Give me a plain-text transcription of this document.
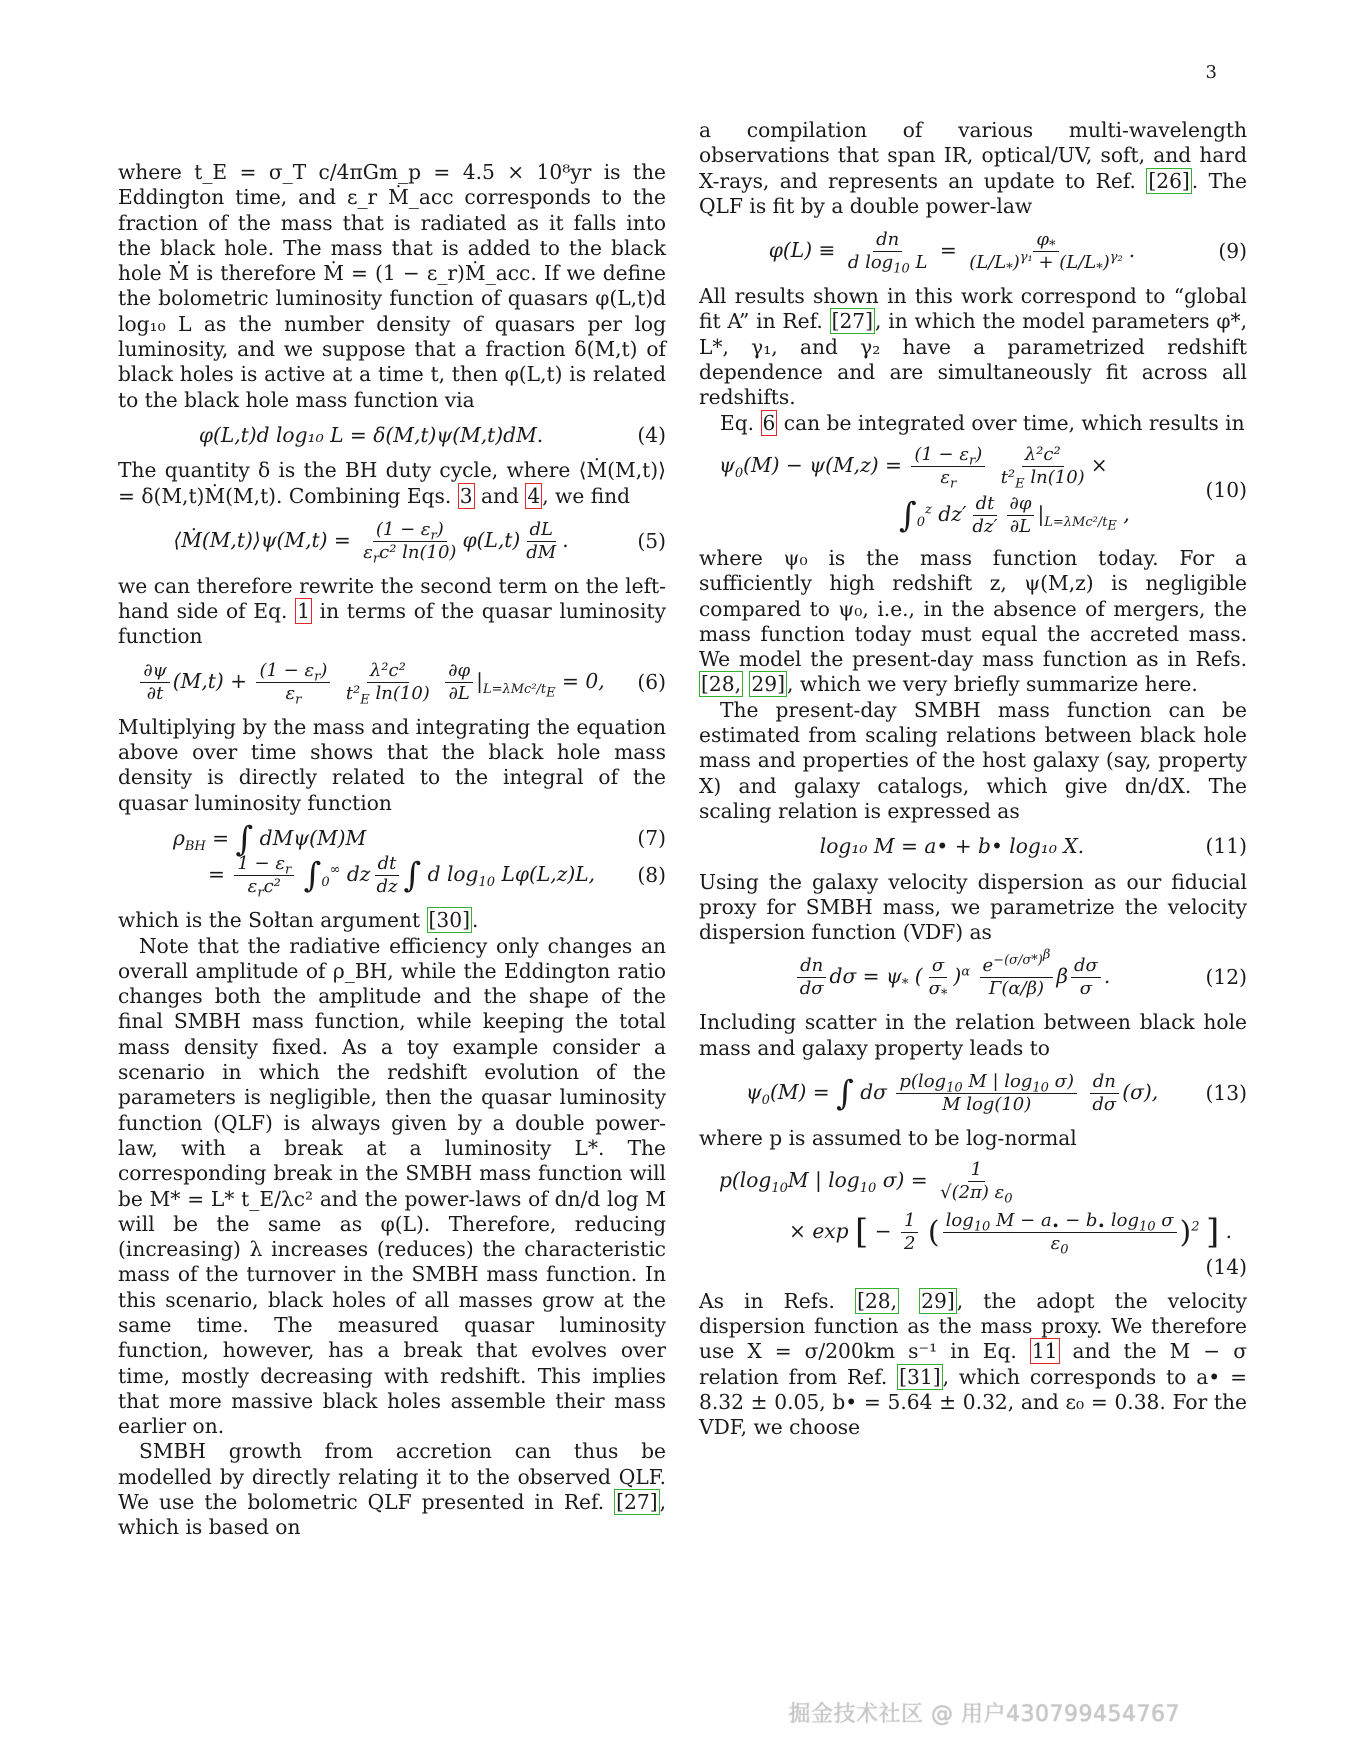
3

where t_E = σ_T c/4πGm_p = 4.5 × 10⁸yr is the Eddington time, and ε_r Ṁ_acc corresponds to the fraction of the mass that is radiated as it falls into the black hole. The mass that is added to the black hole Ṁ is therefore Ṁ = (1 − ε_r)Ṁ_acc. If we define the bolometric luminosity function of quasars φ(L,t)d log₁₀ L as the number density of quasars per log luminosity, and we suppose that a fraction δ(M,t) of black holes is active at a time t, then φ(L,t) is related to the black hole mass function via

φ(L,t)d log₁₀ L = δ(M,t)ψ(M,t)dM.	(4)

The quantity δ is the BH duty cycle, where ⟨Ṁ(M,t)⟩ = δ(M,t)Ṁ(M,t). Combining Eqs. 3 and 4, we find

⟨Ṁ(M,t)⟩ψ(M,t) = $\frac{(1 - \varepsilon_r)}{\varepsilon_rc^2 \ln(10)} \varphi(L,t) \frac{dL}{dM}$ .	(5)

we can therefore rewrite the second term on the left-hand side of Eq. 1 in terms of the quasar luminosity function

$\frac{\partial\psi}{\partial t} (M,t) + \frac{(1 - \varepsilon_r)}{\varepsilon_r}$
$\frac{\text{λ²c²}}{t^2_E \ln(10)}$
$\frac{\partial\varphi}{\partial L} |_{L=\lambda Mc^2/t_E} = 0$,	(6)

Multiplying by the mass and integrating the equation above over time shows that the black hole mass density is directly related to the integral of the quasar luminosity function

$\rho_{BH}$ = ∫ dMψ(M)M	(7)
= $\frac{1 - \varepsilon_r}{\varepsilon_rc^2} \int_0^\infty$ dz $\frac{dt}{dz}$ ∫ d $\log_{10} L\varphi(L,z)L$,	(8)

which is the Sołtan argument [30].

Note that the radiative efficiency only changes an overall amplitude of ρ_BH, while the Eddington ratio changes both the amplitude and the shape of the final SMBH mass function, while keeping the total mass density fixed. As a toy example consider a scenario in which the redshift evolution of the parameters is negligible, then the quasar luminosity function (QLF) is always given by a double power-law, with a break at a luminosity L*. The corresponding break in the SMBH mass function will be M* = L* t_E/λc² and the power-laws of dn/d log M will be the same as φ(L). Therefore, reducing (increasing) λ increases (reduces) the characteristic mass of the turnover in the SMBH mass function. In this scenario, black holes of all masses grow at the same time. The measured quasar luminosity function, however, has a break that evolves over time, mostly decreasing with redshift. This implies that more massive black holes assemble their mass earlier on.

SMBH growth from accretion can thus be modelled by directly relating it to the observed QLF. We use the bolometric QLF presented in Ref. [27], which is based on

a compilation of various multi-wavelength observations that span IR, optical/UV, soft, and hard X-rays, and represents an update to Ref. [26]. The QLF is fit by a double power-law

$\varphi(L) \equiv \frac{dn}{d \log_{10} L} = \frac{\varphi_*}{(L/L_*)^{\gamma_1} + (L/L_*)^{\gamma_2}}$ .	(9)

All results shown in this work correspond to “global fit A” in Ref. [27], in which the model parameters φ*, L*, γ₁, and γ₂ have a parametrized redshift dependence and are simultaneously fit across all redshifts.

Eq. 6 can be integrated over time, which results in

$\psi_0(M) - \psi(M,z) = \frac{(1 - \varepsilon_r)}{\varepsilon_r}$
$\frac{\text{λ²c²}}{t^2_E \ln(10)}$ ×
$\int_0^z$ $dz' \frac{dt}{dz'} \frac{\partial\varphi}{\partial L} |_{L=\lambda Mc^2/t_E}$ ,
(10)

where ψ₀ is the mass function today. For a sufficiently high redshift z, ψ(M,z) is negligible compared to ψ₀, i.e., in the absence of mergers, the mass function today must equal the accreted mass. We model the present-day mass function as in Refs. [28, 29], which we very briefly summarize here.

The present-day SMBH mass function can be estimated from scaling relations between black hole mass and properties of the host galaxy (say, property X) and galaxy catalogs, which give dn/dX. The scaling relation is expressed as

log₁₀ M = a• + b• log₁₀ X.	(11)

Using the galaxy velocity dispersion as our fiducial proxy for SMBH mass, we parametrize the velocity dispersion function (VDF) as

$\frac{dn}{d\sigma}$ $d\sigma = \psi_*$ ( $\frac{\sigma}{\sigma_*} )^\alpha \frac{e^{-(\sigma/\sigma*)^\beta}}{\Gamma(\alpha/\beta)}$ β $\frac{d\sigma}{\sigma}$ .	(12)

Including scatter in the relation between black hole mass and galaxy property leads to

$\psi_0(M)$ = ∫ dσ $\frac{p(\log_{10} M | \log_{10} \sigma)}{\text{M log(10)}}$
$\frac{dn}{d\sigma} (\sigma)$,	(13)

where p is assumed to be log-normal

$p(\log_{10}M$ | $\log_{10} \sigma) = \frac{1}{√(2\pi) \varepsilon_0}$
× exp [ − $\frac{1}{2}$ ( $\frac{\log_{10} M - a_• - b_• \log_{10} \sigma}{\varepsilon_0} )^2$ ] .
(14)

As in Refs. [28, 29], the adopt the velocity dispersion function as the mass proxy. We therefore use X = σ/200km s⁻¹ in Eq. 11 and the M − σ relation from Ref. [31], which corresponds to a• = 8.32 ± 0.05, b• = 5.64 ± 0.32, and ε₀ = 0.38. For the VDF, we choose

掘金技术社区 @ 用户430799454767
